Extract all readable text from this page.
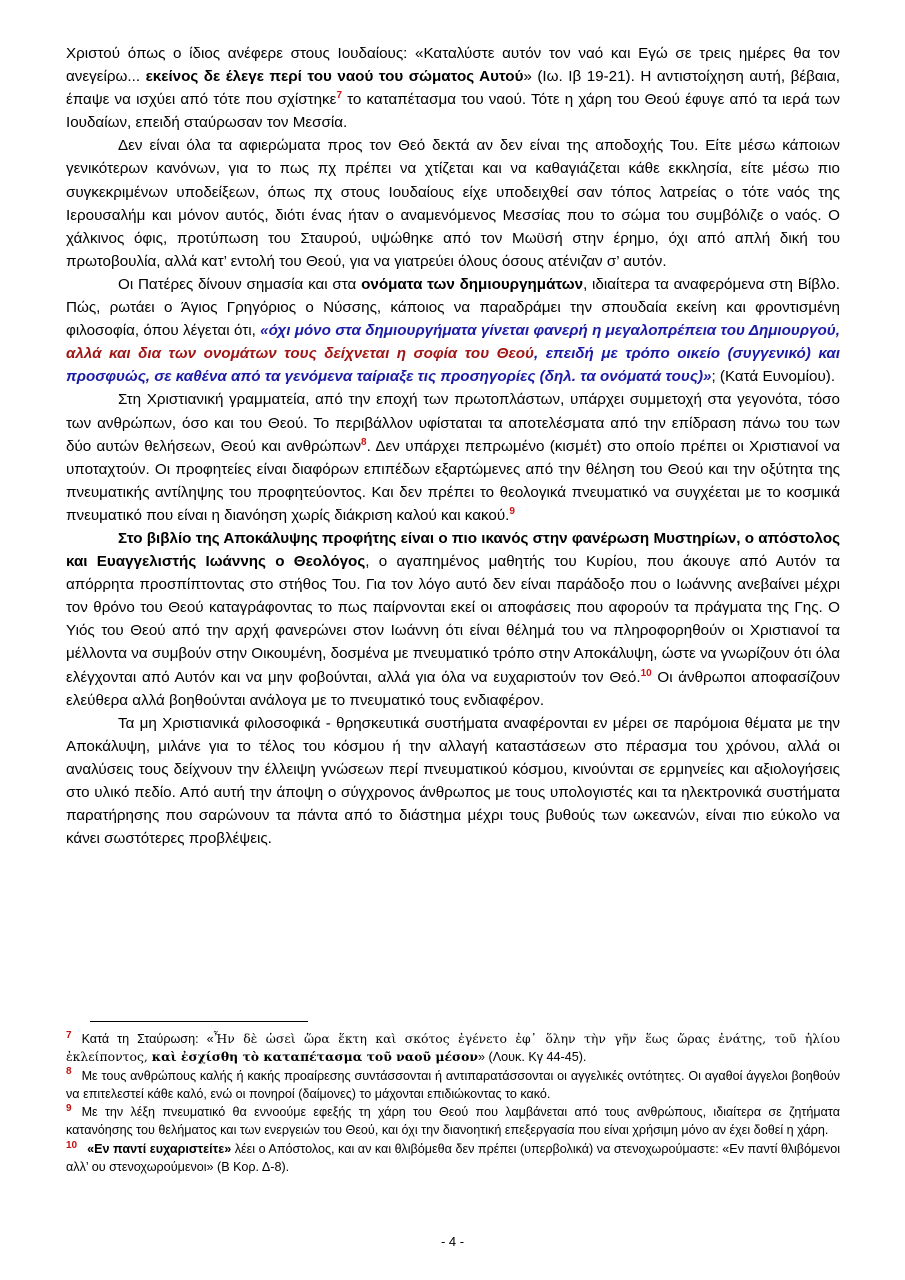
Χριστού όπως ο ίδιος ανέφερε στους Ιουδαίους: «Καταλύστε αυτόν τον ναό και Εγώ σε τρεις ημέρες θα τον ανεγείρω... εκείνος δε έλεγε περί του ναού του σώματος Αυτού» (Ιω. Ιβ 19-21). Η αντιστοίχηση αυτή, βέβαια, έπαψε να ισχύει από τότε που σχίστηκε$^7$ το καταπέτασμα του ναού. Τότε η χάρη του Θεού έφυγε από τα ιερά των Ιουδαίων, επειδή σταύρωσαν τον Μεσσία.

Δεν είναι όλα τα αφιερώματα προς τον Θεό δεκτά αν δεν είναι της αποδοχής Του. Είτε μέσω κάποιων γενικότερων κανόνων, για το πως πχ πρέπει να χτίζεται και να καθαγιάζεται κάθε εκκλησία, είτε μέσω πιο συγκεκριμένων υποδείξεων, όπως πχ στους Ιουδαίους είχε υποδειχθεί σαν τόπος λατρείας ο τότε ναός της Ιερουσαλήμ και μόνον αυτός, διότι ένας ήταν ο αναμενόμενος Μεσσίας που το σώμα του συμβόλιζε ο ναός. Ο χάλκινος όφις, προτύπωση του Σταυρού, υψώθηκε από τον Μωϋσή στην έρημο, όχι από απλή δική του πρωτοβουλία, αλλά κατ’ εντολή του Θεού, για να γιατρεύει όλους όσους ατένιζαν σ’ αυτόν.

Οι Πατέρες δίνουν σημασία και στα ονόματα των δημιουργημάτων, ιδιαίτερα τα αναφερόμενα στη Βίβλο. Πώς, ρωτάει ο Άγιος Γρηγόριος ο Νύσσης, κάποιος να παραδράμει την σπουδαία εκείνη και φροντισμένη φιλοσοφία, όπου λέγεται ότι, «όχι μόνο στα δημιουργήματα γίνεται φανερή η μεγαλοπρέπεια του Δημιουργού, αλλά και δια των ονομάτων τους δείχνεται η σοφία του Θεού, επειδή με τρόπο οικείο (συγγενικό) και προσφυώς, σε καθένα από τα γενόμενα ταίριαξε τις προσηγορίες (δηλ. τα ονόματά τους)»; (Κατά Ευνομίου).

Στη Χριστιανική γραμματεία, από την εποχή των πρωτοπλάστων, υπάρχει συμμετοχή στα γεγονότα, τόσο των ανθρώπων, όσο και του Θεού. Το περιβάλλον υφίσταται τα αποτελέσματα από την επίδραση πάνω του των δύο αυτών θελήσεων, Θεού και ανθρώπων$^8$. Δεν υπάρχει πεπρωμένο (κισμέτ) στο οποίο πρέπει οι Χριστιανοί να υποταχτούν. Οι προφητείες είναι διαφόρων επιπέδων εξαρτώμενες από την θέληση του Θεού και την οξύτητα της πνευματικής αντίληψης του προφητεύοντος. Και δεν πρέπει το θεολογικά πνευματικό να συγχέεται με το κοσμικά πνευματικό που είναι η διανόηση χωρίς διάκριση καλού και κακού.$^9$

Στο βιβλίο της Αποκάλυψης προφήτης είναι ο πιο ικανός στην φανέρωση Μυστηρίων, ο απόστολος και Ευαγγελιστής Ιωάννης ο Θεολόγος, ο αγαπημένος μαθητής του Κυρίου, που άκουγε από Αυτόν τα απόρρητα προσπίπτοντας στο στήθος Του. Για τον λόγο αυτό δεν είναι παράδοξο που ο Ιωάννης ανεβαίνει μέχρι τον θρόνο του Θεού καταγράφοντας το πως παίρνονται εκεί οι αποφάσεις που αφορούν τα πράγματα της Γης. Ο Υιός του Θεού από την αρχή φανερώνει στον Ιωάννη ότι είναι θέλημά του να πληροφορηθούν οι Χριστιανοί τα μέλλοντα να συμβούν στην Οικουμένη, δοσμένα με πνευματικό τρόπο στην Αποκάλυψη, ώστε να γνωρίζουν ότι όλα ελέγχονται από Αυτόν και να μην φοβούνται, αλλά για όλα να ευχαριστούν τον Θεό.$^{10}$ Οι άνθρωποι αποφασίζουν ελεύθερα αλλά βοηθούνται ανάλογα με το πνευματικό τους ενδιαφέρον.

Τα μη Χριστιανικά φιλοσοφικά - θρησκευτικά συστήματα αναφέρονται εν μέρει σε παρόμοια θέματα με την Αποκάλυψη, μιλάνε για το τέλος του κόσμου ή την αλλαγή καταστάσεων στο πέρασμα του χρόνου, αλλά οι αναλύσεις τους δείχνουν την έλλειψη γνώσεων περί πνευματικού κόσμου, κινούνται σε ερμηνείες και αξιολογήσεις στο υλικό πεδίο. Από αυτή την άποψη ο σύγχρονος άνθρωπος με τους υπολογιστές και τα ηλεκτρονικά συστήματα παρατήρησης που σαρώνουν τα πάντα από το διάστημα μέχρι τους βυθούς των ωκεανών, είναι πιο εύκολο να κάνει σωστότερες προβλέψεις.

$^7$ Κατά τη Σταύρωση: «Ἦν δὲ ὡσεὶ ὥρα ἕκτη καὶ σκότος ἐγένετο ἐφ᾽ ὅλην τὴν γῆν ἕως ὥρας ἐνάτης, τοῦ ἡλίου ἐκλείποντος, καὶ ἐσχίσθη τὸ καταπέτασμα τοῦ ναοῦ μέσον» (Λουκ. Κγ 44-45).

$^8$ Με τους ανθρώπους καλής ή κακής προαίρεσης συντάσσονται ή αντιπαρατάσσονται οι αγγελικές οντότητες. Οι αγαθοί άγγελοι βοηθούν να επιτελεστεί κάθε καλό, ενώ οι πονηροί (δαίμονες) το μάχονται επιδιώκοντας το κακό.

$^9$ Με την λέξη πνευματικό θα εννοούμε εφεξής τη χάρη του Θεού που λαμβάνεται από τους ανθρώπους, ιδιαίτερα σε ζητήματα κατανόησης του θελήματος και των ενεργειών του Θεού, και όχι την διανοητική επεξεργασία που είναι χρήσιμη μόνο αν έχει δοθεί η χάρη.

$^{10}$ «Εν παντί ευχαριστείτε» λέει ο Απόστολος, και αν και θλιβόμεθα δεν πρέπει (υπερβολικά) να στενοχωρούμαστε: «Εν παντί θλιβόμενοι αλλ’ ου στενοχωρούμενοι» (Β Κορ. Δ-8).

- 4 -
